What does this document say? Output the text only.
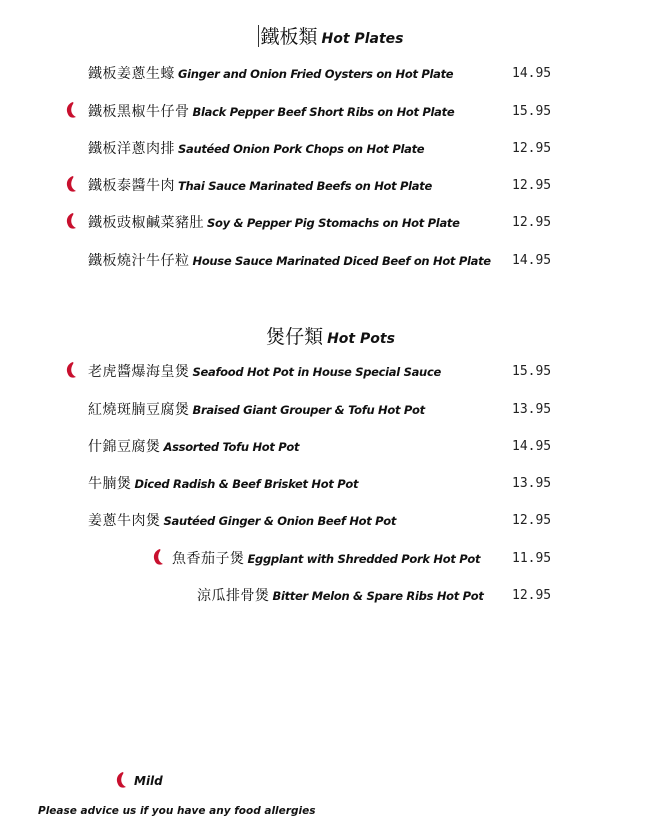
鐵板類 Hot Plates
鐵板姜蔥生蠔 Ginger and Onion Fried Oysters on Hot Plate	14.95
鐵板黑椒牛仔骨 Black Pepper Beef Short Ribs on Hot Plate	15.95
鐵板洋蔥肉排 Sautéed Onion Pork Chops on Hot Plate	12.95
鐵板泰醬牛肉 Thai Sauce Marinated Beefs on Hot Plate	12.95
鐵板豉椒鹹菜豬肚 Soy & Pepper Pig Stomachs on Hot Plate	12.95
鐵板燒汁牛仔粒 House Sauce Marinated Diced Beef on Hot Plate 14.95
煲仔類 Hot Pots
老虎醬爆海皇煲 Seafood Hot Pot in House Special Sauce	15.95
紅燒斑腩豆腐煲 Braised Giant Grouper & Tofu Hot Pot	13.95
什錦豆腐煲 Assorted Tofu Hot Pot	14.95
牛腩煲 Diced Radish & Beef Brisket Hot Pot	13.95
姜蔥牛肉煲 Sautéed Ginger & Onion Beef Hot Pot	12.95
魚香茄子煲 Eggplant with Shredded Pork Hot Pot 11.95
涼瓜排骨煲 Bitter Melon & Spare Ribs Hot Pot 12.95
Mild
Please advice us if you have any food allergies
